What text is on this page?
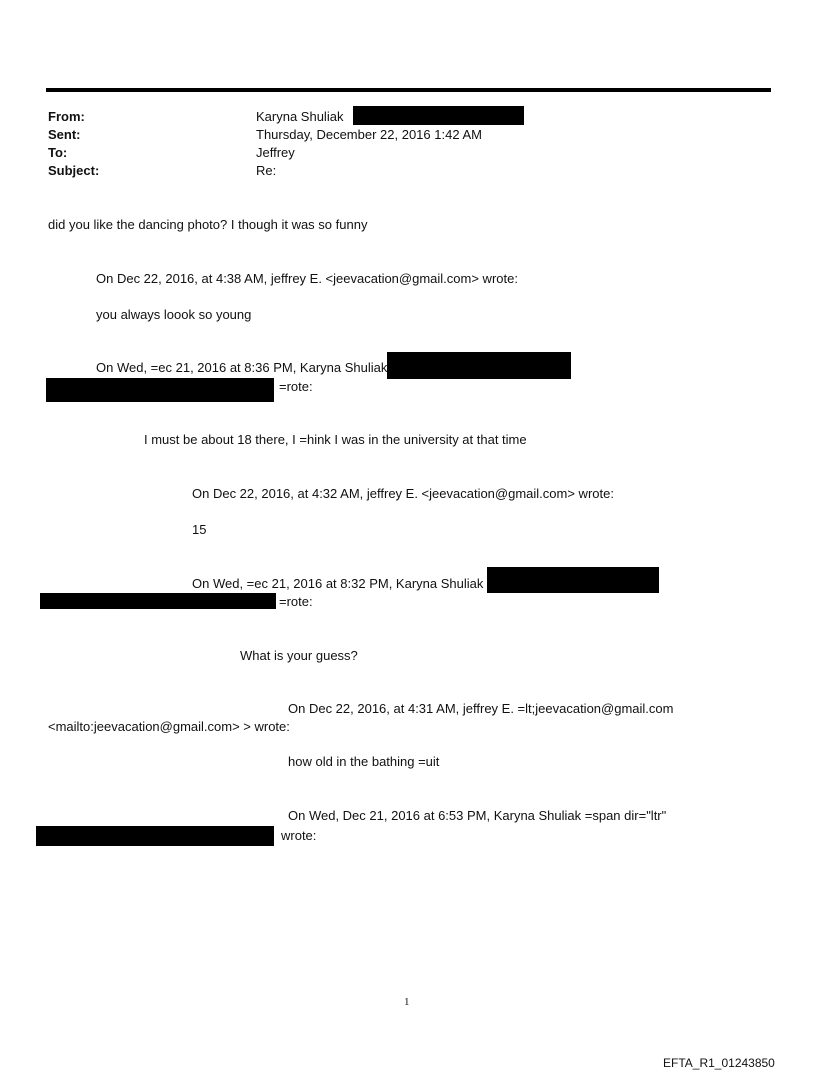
From:	Karyna Shuliak
Sent:	Thursday, December 22, 2016 1:42 AM
To:	Jeffrey
Subject:	Re:
did you like the dancing photo? I though it was so funny
On Dec 22, 2016, at 4:38 AM, jeffrey E. <jeevacation@gmail.com> wrote:
you always loook so young
On Wed, =ec 21, 2016 at 8:36 PM, Karyna Shuliak
=rote:
I must be about 18 there, I =hink I was in the university at that time
On Dec 22, 2016, at 4:32 AM, jeffrey E. <jeevacation@gmail.com> wrote:
15
On Wed, =ec 21, 2016 at 8:32 PM, Karyna Shuliak
=rote:
What is your guess?
On Dec 22, 2016, at 4:31 AM, jeffrey E. =lt;jeevacation@gmail.com
<mailto:jeevacation@gmail.com> > wrote:
how old in the bathing =uit
On Wed, Dec 21, 2016 at 6:53 PM, Karyna Shuliak =span dir="ltr"
wrote:
1
EFTA_R1_01243850
